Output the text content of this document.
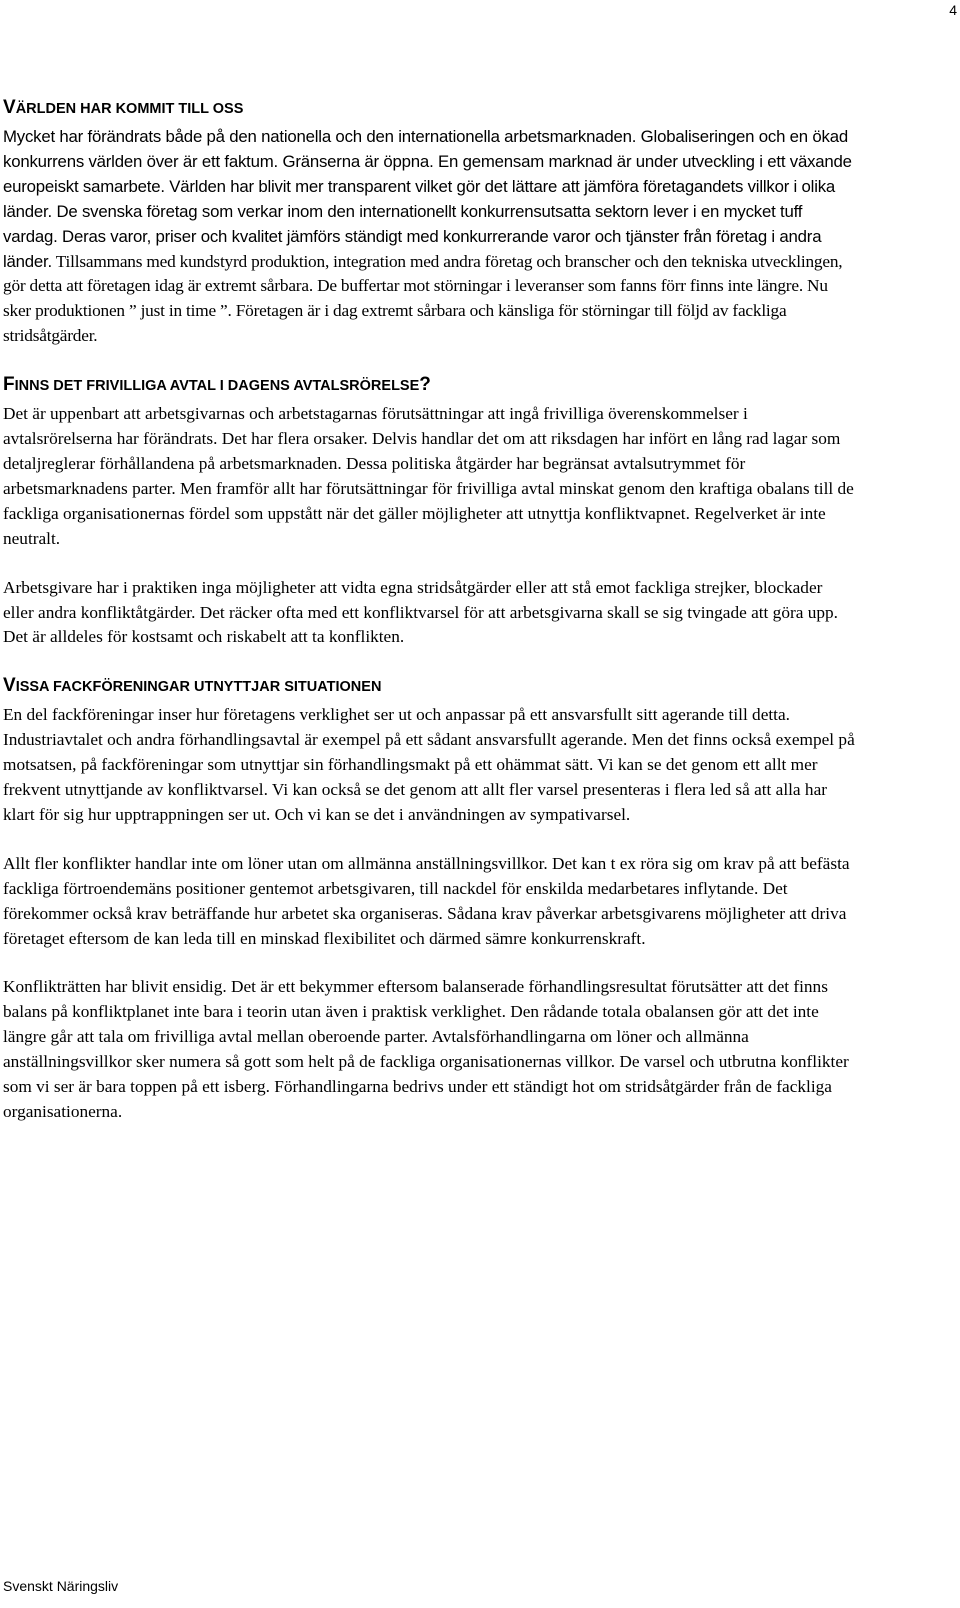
4
VÄRLDEN HAR KOMMIT TILL OSS

Mycket har förändrats både på den nationella och den internationella arbetsmarknaden. Globaliseringen och en ökad konkurrens världen över är ett faktum. Gränserna är öppna. En gemensam marknad är under utveckling i ett växande europeiskt samarbete. Världen har blivit mer transparent vilket gör det lättare att jämföra företagandets villkor i olika länder. De svenska företag som verkar inom den internationellt konkurrensutsatta sektorn lever i en mycket tuff vardag. Deras varor, priser och kvalitet jämförs ständigt med konkurrerande varor och tjänster från företag i andra länder. Tillsammans med kundstyrd produktion, integration med andra företag och branscher och den tekniska utvecklingen, gör detta att företagen idag är extremt sårbara. De buffertar mot störningar i leveranser som fanns förr finns inte längre. Nu sker produktionen ” just in time ”. Företagen är i dag extremt sårbara och känsliga för störningar till följd av fackliga stridsåtgärder.

FINNS DET FRIVILLIGA AVTAL I DAGENS AVTALSRÖRELSE?

Det är uppenbart att arbetsgivarnas och arbetstagarnas förutsättningar att ingå frivilliga överenskommelser i avtalsrörelserna har förändrats. Det har flera orsaker. Delvis handlar det om att riksdagen har infört en lång rad lagar som detaljreglerar förhållandena på arbetsmarknaden. Dessa politiska åtgärder har begränsat avtalsutrymmet för arbetsmarknadens parter. Men framför allt har förutsättningar för frivilliga avtal minskat genom den kraftiga obalans till de fackliga organisationernas fördel som uppstått när det gäller möjligheter att utnyttja konfliktvapnet. Regelverket är inte neutralt.

Arbetsgivare har i praktiken inga möjligheter att vidta egna stridsåtgärder eller att stå emot fackliga strejker, blockader eller andra konfliktåtgärder. Det räcker ofta med ett konfliktvarsel för att arbetsgivarna skall se sig tvingade att göra upp. Det är alldeles för kostsamt och riskabelt att ta konflikten.

VISSA FACKFÖRENINGAR UTNYTTJAR SITUATIONEN

En del fackföreningar inser hur företagens verklighet ser ut och anpassar på ett ansvarsfullt sitt agerande till detta. Industriavtalet och andra förhandlingsavtal är exempel på ett sådant ansvarsfullt agerande. Men det finns också exempel på motsatsen, på fackföreningar som utnyttjar sin förhandlingsmakt på ett ohämmat sätt. Vi kan se det genom ett allt mer frekvent utnyttjande av konfliktvarsel. Vi kan också se det genom att allt fler varsel presenteras i flera led så att alla har klart för sig hur upptrappningen ser ut. Och vi kan se det i användningen av sympativarsel.

Allt fler konflikter handlar inte om löner utan om allmänna anställningsvillkor. Det kan t ex röra sig om krav på att befästa fackliga förtroendemäns positioner gentemot arbetsgivaren, till nackdel för enskilda medarbetares inflytande. Det förekommer också krav beträffande hur arbetet ska organiseras. Sådana krav påverkar arbetsgivarens möjligheter att driva företaget eftersom de kan leda till en minskad flexibilitet och därmed sämre konkurrenskraft.

Konflikträtten har blivit ensidig. Det är ett bekymmer eftersom balanserade förhandlingsresultat förutsätter att det finns balans på konfliktplanet inte bara i teorin utan även i praktisk verklighet. Den rådande totala obalansen gör att det inte längre går att tala om frivilliga avtal mellan oberoende parter. Avtalsförhandlingarna om löner och allmänna anställningsvillkor sker numera så gott som helt på de fackliga organisationernas villkor. De varsel och utbrutna konflikter som vi ser är bara toppen på ett isberg. Förhandlingarna bedrivs under ett ständigt hot om stridsåtgärder från de fackliga organisationerna.

Svenskt Näringsliv
